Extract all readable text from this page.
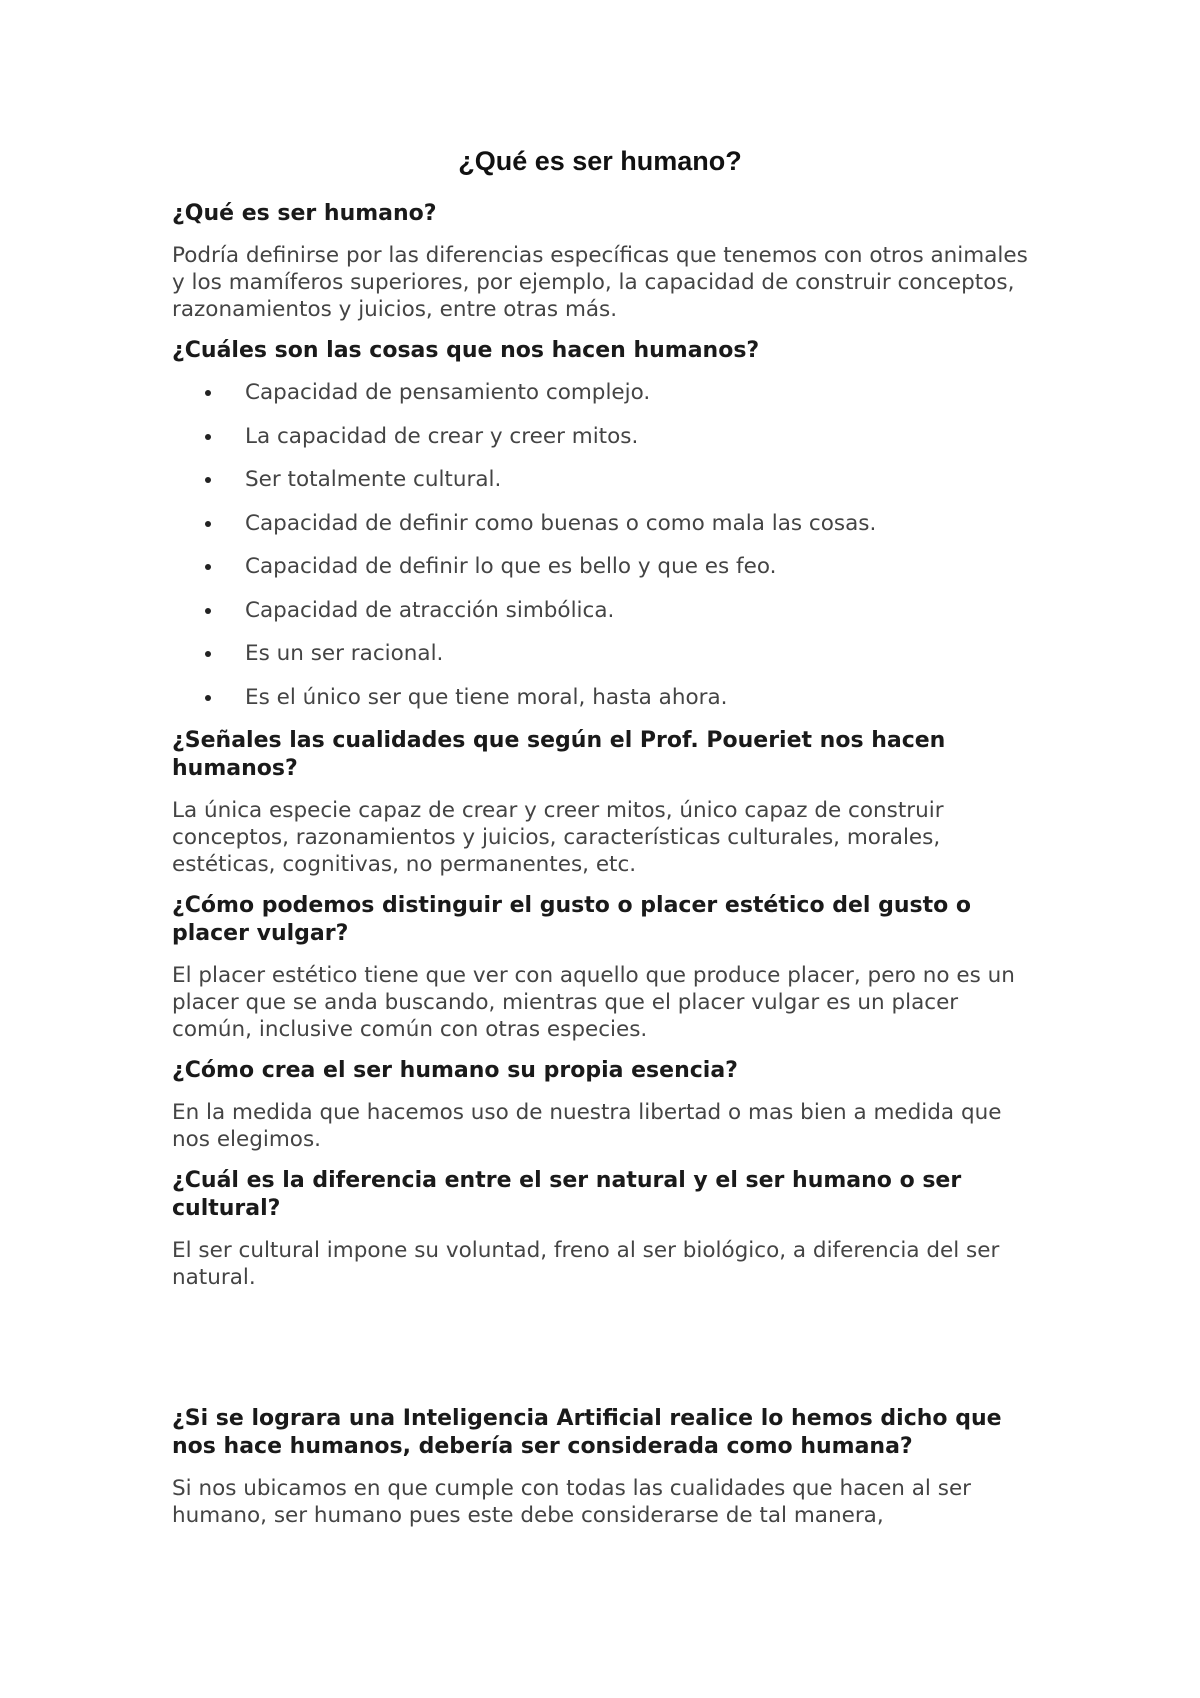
¿Qué es ser humano?

¿Qué es ser humano?

Podría definirse por las diferencias específicas que tenemos con otros animales y los mamíferos superiores, por ejemplo, la capacidad de construir conceptos, razonamientos y juicios, entre otras más.

¿Cuáles son las cosas que nos hacen humanos?

Capacidad de pensamiento complejo.
La capacidad de crear y creer mitos.
Ser totalmente cultural.
Capacidad de definir como buenas o como mala las cosas.
Capacidad de definir lo que es bello y que es feo.
Capacidad de atracción simbólica.
Es un ser racional.
Es el único ser que tiene moral, hasta ahora.

¿Señales las cualidades que según el Prof. Poueriet nos hacen humanos?

La única especie capaz de crear y creer mitos, único capaz de construir conceptos, razonamientos y juicios, características culturales, morales, estéticas, cognitivas, no permanentes, etc.

¿Cómo podemos distinguir el gusto o placer estético del gusto o placer vulgar?

El placer estético tiene que ver con aquello que produce placer, pero no es un placer que se anda buscando, mientras que el placer vulgar es un placer común, inclusive común con otras especies.

¿Cómo crea el ser humano su propia esencia?

En la medida que hacemos uso de nuestra libertad o mas bien a medida que nos elegimos.

¿Cuál es la diferencia entre el ser natural y el ser humano o ser cultural?

El ser cultural impone su voluntad, freno al ser biológico, a diferencia del ser natural.

¿Si se lograra una Inteligencia Artificial realice lo hemos dicho que nos hace humanos, debería ser considerada como humana?

Si nos ubicamos en que cumple con todas las cualidades que hacen al ser humano, ser humano pues este debe considerarse de tal manera,
